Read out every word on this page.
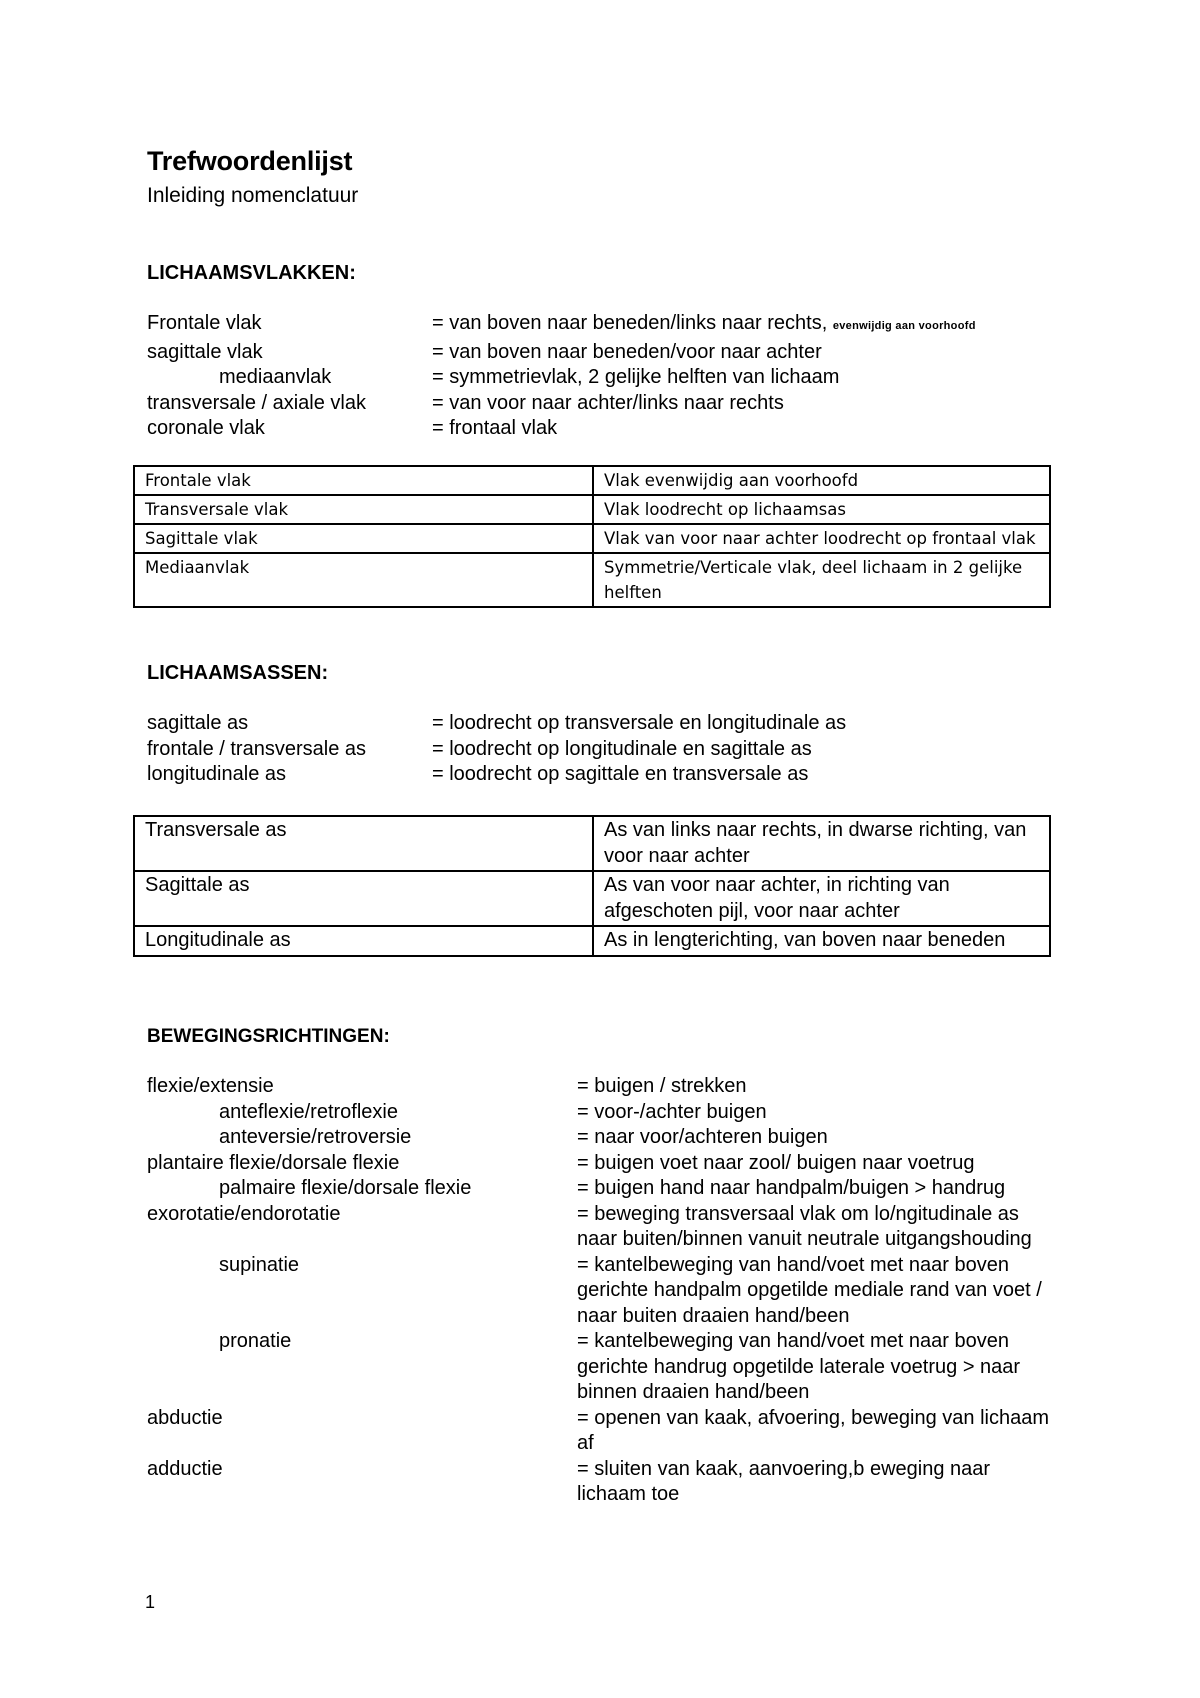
Trefwoordenlijst
Inleiding nomenclatuur
LICHAAMSVLAKKEN:
Frontale vlak	= van boven naar beneden/links naar rechts, evenwijdig aan voorhoofd
sagittale vlak	= van boven naar beneden/voor naar achter
mediaanvlak	= symmetrievlak, 2 gelijke helften van lichaam
transversale / axiale vlak	= van voor naar achter/links naar rechts
coronale vlak	= frontaal vlak
Frontale vlak	Vlak evenwijdig aan voorhoofd
Transversale vlak	Vlak loodrecht op lichaamsas
Sagittale vlak	Vlak van voor naar achter loodrecht op frontaal vlak
Mediaanvlak	Symmetrie/Verticale vlak, deel lichaam in 2 gelijke helften
LICHAAMSASSEN:
sagittale as	= loodrecht op transversale en longitudinale as
frontale / transversale as	= loodrecht op longitudinale en sagittale as
longitudinale as	= loodrecht op sagittale en transversale as
Transversale as	As van links naar rechts, in dwarse richting, van voor naar achter
Sagittale as	As van voor naar achter, in richting van afgeschoten pijl, voor naar achter
Longitudinale as	As in lengterichting, van boven naar beneden
BEWEGINGSRICHTINGEN:
flexie/extensie	= buigen / strekken
anteflexie/retroflexie	= voor-/achter buigen
anteversie/retroversie	= naar voor/achteren buigen
plantaire flexie/dorsale flexie	= buigen voet naar zool/ buigen naar voetrug
palmaire flexie/dorsale flexie	= buigen hand naar handpalm/buigen > handrug
exorotatie/endorotatie	= beweging transversaal vlak om lo/ngitudinale as naar buiten/binnen vanuit neutrale uitgangshouding
supinatie	= kantelbeweging van hand/voet met naar boven gerichte handpalm opgetilde mediale rand van voet / naar buiten draaien hand/been
pronatie	= kantelbeweging van hand/voet met naar boven gerichte handrug opgetilde laterale voetrug > naar binnen draaien hand/been
abductie	= openen van kaak, afvoering, beweging van lichaam af
adductie	= sluiten van kaak, aanvoering,b eweging naar lichaam toe
1
